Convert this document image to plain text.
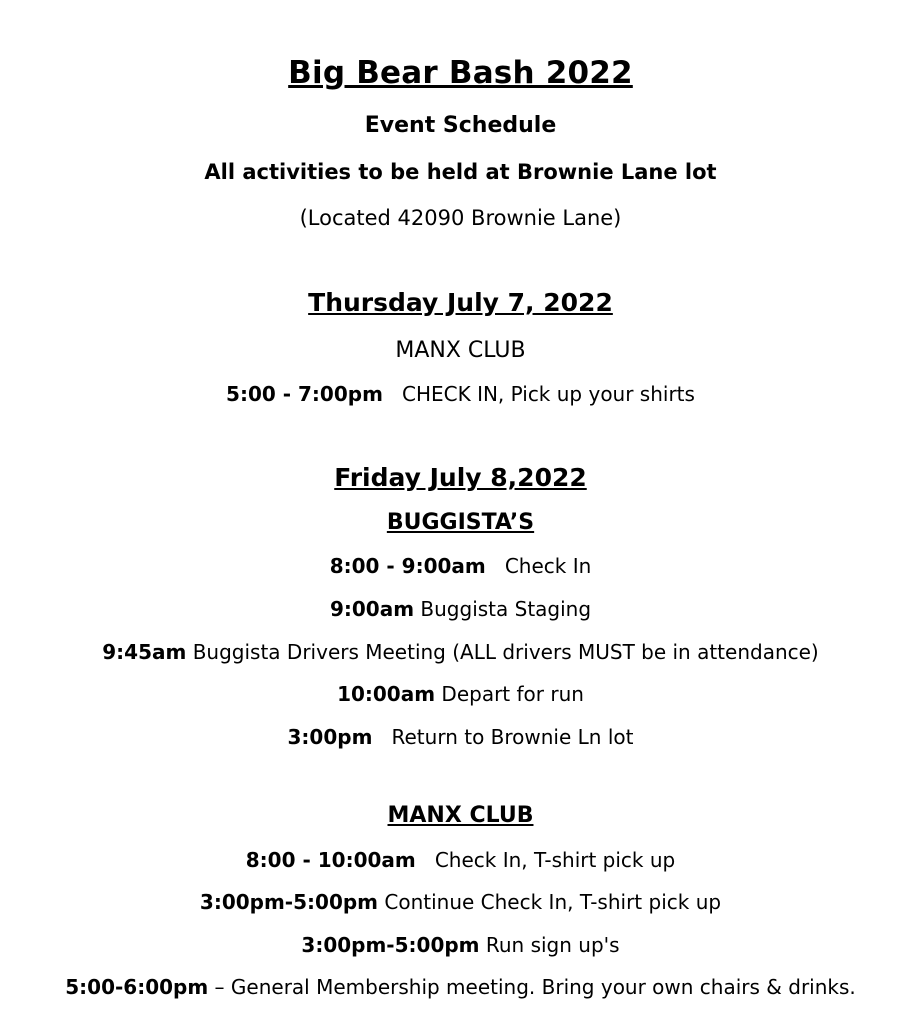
Big Bear Bash 2022
Event Schedule
All activities to be held at Brownie Lane lot
(Located 42090 Brownie Lane)
Thursday July 7, 2022
MANX CLUB
5:00 - 7:00pm CHECK IN, Pick up your shirts
Friday July 8,2022
BUGGISTA’S
8:00 - 9:00am Check In
9:00am Buggista Staging
9:45am Buggista Drivers Meeting (ALL drivers MUST be in attendance)
10:00am Depart for run
3:00pm Return to Brownie Ln lot
MANX CLUB
8:00 - 10:00am Check In, T-shirt pick up
3:00pm-5:00pm Continue Check In, T-shirt pick up
3:00pm-5:00pm Run sign up's
5:00-6:00pm – General Membership meeting. Bring your own chairs & drinks.
